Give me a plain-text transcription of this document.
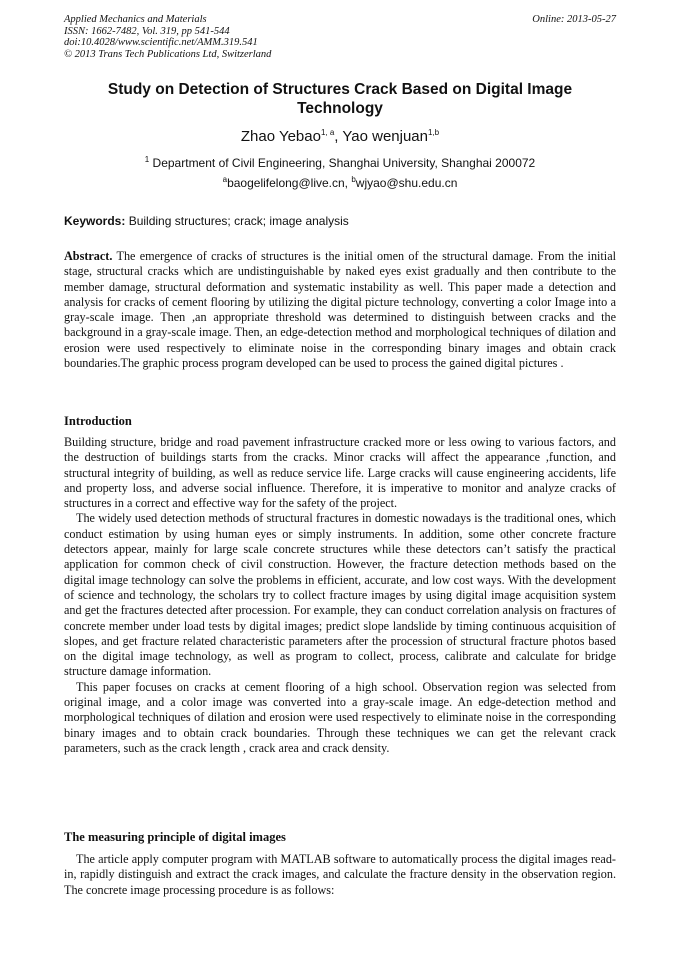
Applied Mechanics and Materials	Online: 2013-05-27
ISSN: 1662-7482, Vol. 319, pp 541-544
doi:10.4028/www.scientific.net/AMM.319.541
© 2013 Trans Tech Publications Ltd, Switzerland
Study on Detection of Structures Crack Based on Digital Image Technology
Zhao Yebao$^{1, a}$, Yao wenjuan$^{1,b}$
$^1$ Department of Civil Engineering, Shanghai University, Shanghai 200072
$^a$baogelifelong@live.cn, $^b$wjyao@shu.edu.cn
Keywords: Building structures; crack; image analysis
Abstract. The emergence of cracks of structures is the initial omen of the structural damage. From the initial stage, structural cracks which are undistinguishable by naked eyes exist gradually and then contribute to the member damage, structural deformation and systematic instability as well. This paper made a detection and analysis for cracks of cement flooring by utilizing the digital picture technology, converting a color Image into a gray-scale image. Then ,an appropriate threshold was determined to distinguish between cracks and the background in a gray-scale image. Then, an edge-detection method and morphological techniques of dilation and erosion were used respectively to eliminate noise in the corresponding binary images and obtain crack boundaries.The graphic process program developed can be used to process the gained digital pictures .
Introduction

Building structure, bridge and road pavement infrastructure cracked more or less owing to various factors, and the destruction of buildings starts from the cracks. Minor cracks will affect the appearance ,function, and structural integrity of building, as well as reduce service life. Large cracks will cause engineering accidents, life and property loss, and adverse social influence. Therefore, it is imperative to monitor and analyze cracks of structures in a correct and effective way for the safety of the project.

The widely used detection methods of structural fractures in domestic nowadays is the traditional ones, which conduct estimation by using human eyes or simply instruments. In addition, some other concrete fracture detectors appear, mainly for large scale concrete structures while these detectors can’t satisfy the practical application for common check of civil construction. However, the fracture detection methods based on the digital image technology can solve the problems in efficient, accurate, and low cost ways. With the development of science and technology, the scholars try to collect fracture images by using digital image acquisition system and get the fractures detected after procession. For example, they can conduct correlation analysis on fractures of concrete member under load tests by digital images; predict slope landslide by timing continuous acquisition of slopes, and get fracture related characteristic parameters after the procession of structural fracture photos based on the digital image technology, as well as program to collect, process, calibrate and calculate for bridge structure damage information.

This paper focuses on cracks at cement flooring of a high school. Observation region was selected from original image, and a color image was converted into a gray-scale image. An edge-detection method and morphological techniques of dilation and erosion were used respectively to eliminate noise in the corresponding binary images and to obtain crack boundaries. Through these techniques we can get the relevant crack parameters, such as the crack length , crack area and crack density.

The measuring principle of digital images

The article apply computer program with MATLAB software to automatically process the digital images read-in, rapidly distinguish and extract the crack images, and calculate the fracture density in the observation region. The concrete image processing procedure is as follows:
